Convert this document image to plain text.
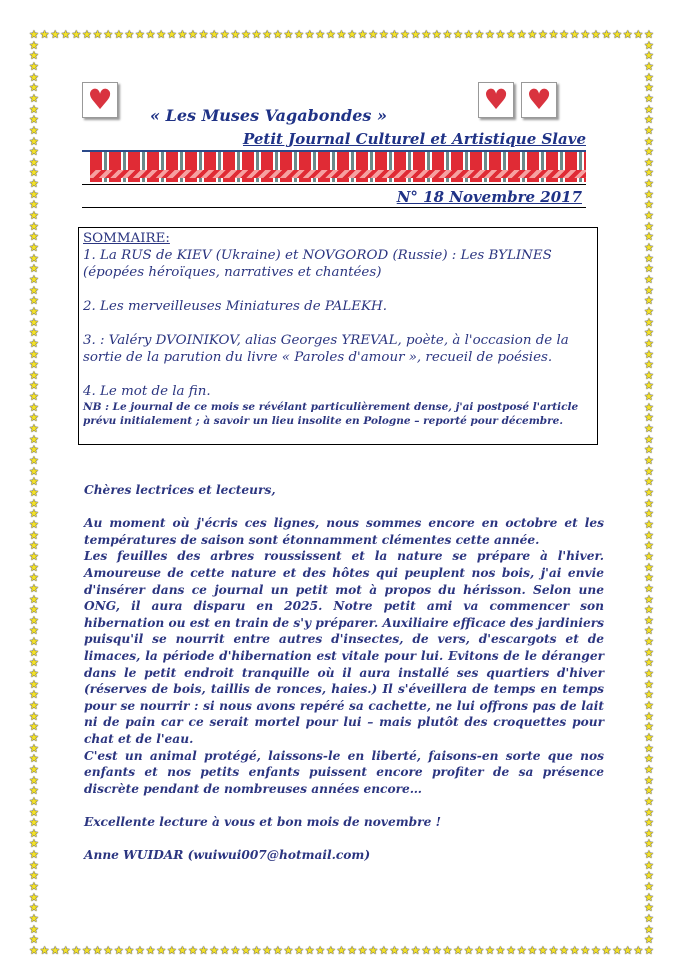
★
★
★
★
★
★
★
★
★
★
★
★
★
★
★
★
★
★
★
★
★
★
★
★
★
★
★
★
★
★
★
★
★
★
★
★
★
★
★
★
★
★
★
★
★
★
★
★
★
★
★
★
★
★
★
★
★
★
★
★
★
★
★
★
★
★
★
★
★
★
★
★
★
★
★
★
★
★
★
★
★
★
★
★
★
★
★
★
★
★
★
★
★
★
★
★
★
★
★
★
★
★
★
★
★
★
★
★
★
★
★
★
★
★
★
★
★
★
★	★
★	★
★	★
★	★
★	★
★	★
★	★
★	★
★	★
★	★
★	★
★	★
★	★
★	★
★	★
★	★
★	★
★	★
★	★
★	★
★	★
★	★
★	★
★	★
★	★
★	★
★	★
★	★
★	★
★	★
★	★
★	★
★	★
★	★
★	★
★	★
★	★
★	★
★	★
★	★
★	★
★	★
★	★
★	★
★	★
★	★
★	★
★	★
★	★
★	★
★	★
★	★
★	★
★	★
★	★
★	★
★	★
★	★
★	★
★	★
★	★
★	★
★	★
★	★
★	★
★	★
★	★
★	★
★	★
★	★
★	★
★	★
★	★
★	★
★	★
★	★
★	★
★	★
★	★
★	★
★	★
★	★
★	★
★	★
★	★
♥	♥ ♥
« Les Muses Vagabondes »
Petit Journal Culturel et Artistique Slave
N° 18 Novembre 2017
SOMMAIRE:

1. La RUS de KIEV (Ukraine) et NOVGOROD (Russie) : Les BYLINES (épopées héroïques, narratives et chantées)

2. Les merveilleuses Miniatures de PALEKH.

3. : Valéry DVOINIKOV, alias Georges YREVAL, poète, à l'occasion de la sortie de la parution du livre « Paroles d'amour », recueil de poésies.

4. Le mot de la fin.

NB : Le journal de ce mois se révélant particulièrement dense, j'ai postposé l'article prévu initialement ; à savoir un lieu insolite en Pologne – reporté pour décembre.

Chères lectrices et lecteurs,

Au moment où j'écris ces lignes, nous sommes encore en octobre et les températures de saison sont étonnamment clémentes cette année.

Les feuilles des arbres roussissent et la nature se prépare à l'hiver. Amoureuse de cette nature et des hôtes qui peuplent nos bois, j'ai envie d'insérer dans ce journal un petit mot à propos du hérisson. Selon une ONG, il aura disparu en 2025. Notre petit ami va commencer son hibernation ou est en train de s'y préparer. Auxiliaire efficace des jardiniers puisqu'il se nourrit entre autres d'insectes, de vers, d'escargots et de limaces, la période d'hibernation est vitale pour lui. Evitons de le déranger dans le petit endroit tranquille où il aura installé ses quartiers d'hiver (réserves de bois, taillis de ronces, haies.) Il s'éveillera de temps en temps pour se nourrir : si nous avons repéré sa cachette, ne lui offrons pas de lait ni de pain car ce serait mortel pour lui – mais plutôt des croquettes pour chat et de l'eau.

C'est un animal protégé, laissons-le en liberté, faisons-en sorte que nos enfants et nos petits enfants puissent encore profiter de sa présence discrète pendant de nombreuses années encore…

Excellente lecture à vous et bon mois de novembre !

Anne WUIDAR (wuiwui007@hotmail.com)
